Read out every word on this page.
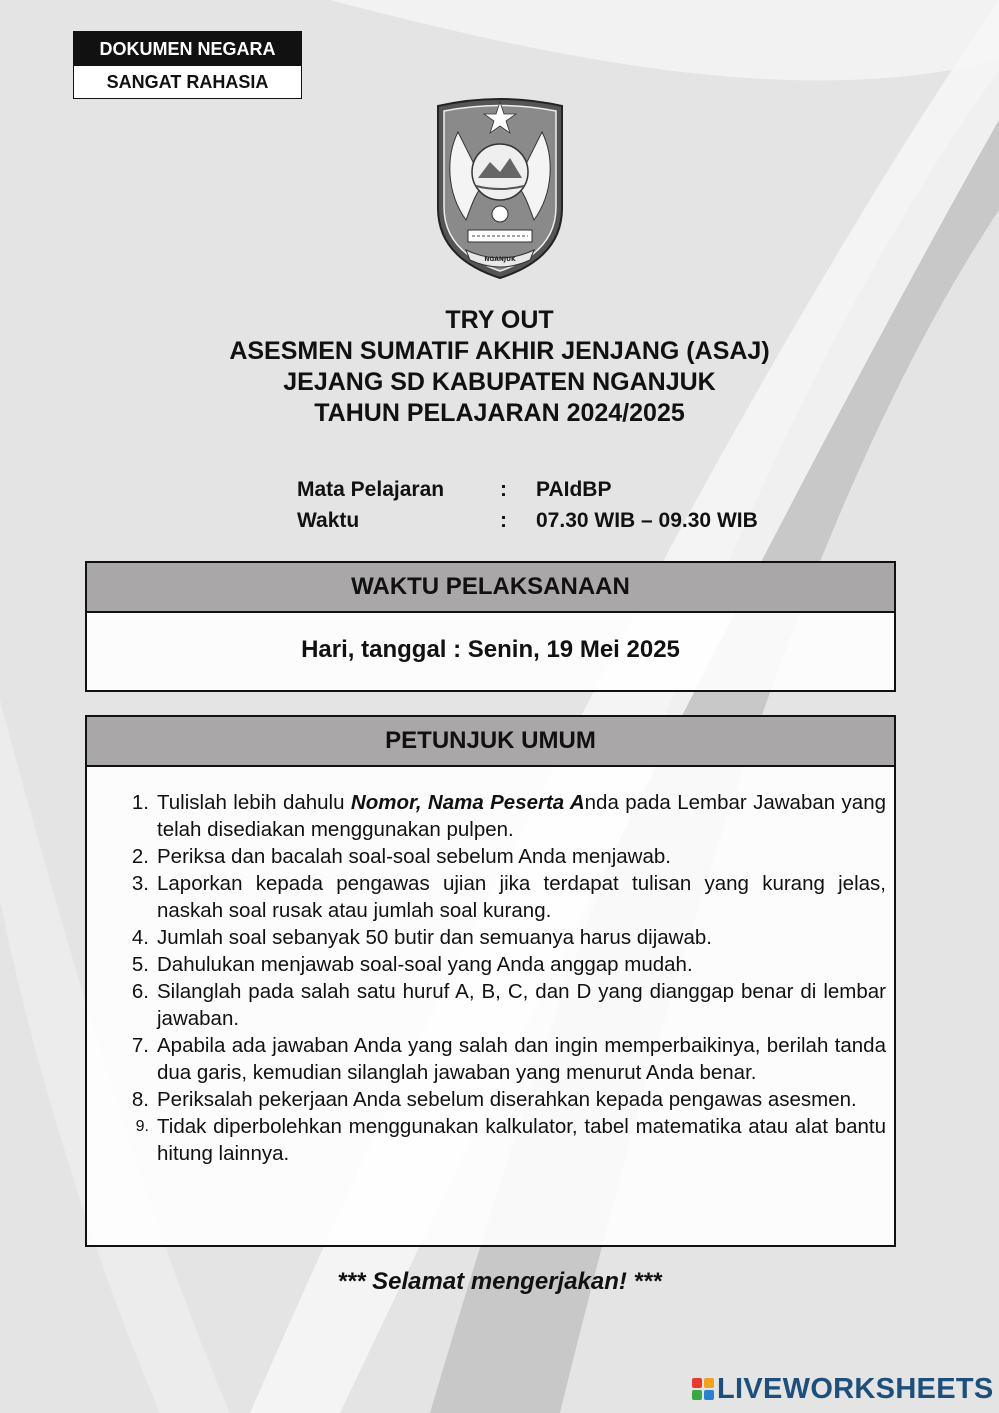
DOKUMEN NEGARA
SANGAT RAHASIA
NGANJUK
TRY OUT
ASESMEN SUMATIF AKHIR JENJANG (ASAJ)
JEJANG SD KABUPATEN NGANJUK
TAHUN PELAJARAN 2024/2025
Mata Pelajaran	: PAIdBP
Waktu	: 07.30 WIB – 09.30 WIB
WAKTU PELAKSANAAN
Hari, tanggal : Senin, 19 Mei 2025
PETUNJUK UMUM
1. Tulislah lebih dahulu Nomor, Nama Peserta Anda pada Lembar Jawaban yang telah disediakan menggunakan pulpen.
2. Periksa dan bacalah soal-soal sebelum Anda menjawab.
3. Laporkan kepada pengawas ujian jika terdapat tulisan yang kurang jelas, naskah soal rusak atau jumlah soal kurang.
4. Jumlah soal sebanyak 50 butir dan semuanya harus dijawab.
5. Dahulukan menjawab soal-soal yang Anda anggap mudah.
6. Silanglah pada salah satu huruf A, B, C, dan D yang dianggap benar di lembar jawaban.
7. Apabila ada jawaban Anda yang salah dan ingin memperbaikinya, berilah tanda dua garis, kemudian silanglah jawaban yang menurut Anda benar.
8. Periksalah pekerjaan Anda sebelum diserahkan kepada pengawas asesmen.
9. Tidak diperbolehkan menggunakan kalkulator, tabel matematika atau alat bantu hitung lainnya.
*** Selamat mengerjakan! ***
LIVEWORKSHEETS
